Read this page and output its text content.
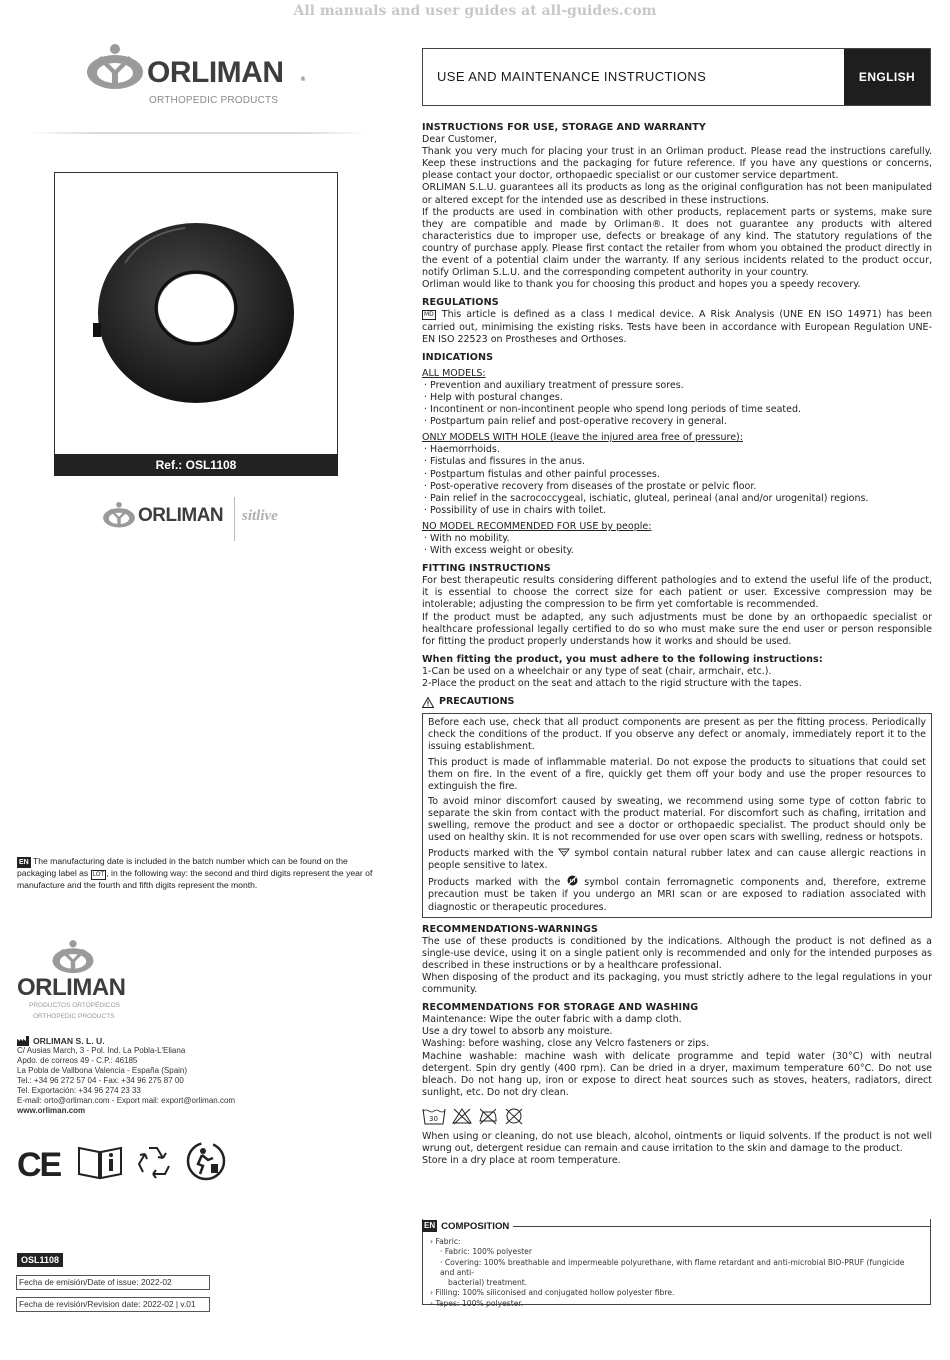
All manuals and user guides at all-guides.com
ORLIMAN	®
ORTHOPEDIC PRODUCTS
Ref.: OSL1108
ORLIMAN sitlive
EN The manufacturing date is included in the batch number which can be found on the packaging label as LOT , in the following way: the second and third digits represent the year of manufacture and the fourth and fifth digits represent the month.
ORLIMAN
PRODUCTOS ORTOPÉDICOS
ORTHOPEDIC PRODUCTS
ORLIMAN S. L. U.
C/ Ausias March, 3 - Pol. Ind. La Pobla-L'Eliana
Apdo. de correos 49 - C.P.: 46185
La Pobla de Vallbona Valencia - España (Spain)
Tel.: +34 96 272 57 04 - Fax: +34 96 275 87 00
Tel. Exportación: +34 96 274 23 33
E-mail: orto@orliman.com - Export mail: export@orliman.com
www.orliman.com
CE
OSL1108
Fecha de emisión/Date of issue: 2022-02
Fecha de revisión/Revision date: 2022-02 | v.01
USE AND MAINTENANCE INSTRUCTIONS	ENGLISH
INSTRUCTIONS FOR USE, STORAGE AND WARRANTY

Dear Customer,

Thank you very much for placing your trust in an Orliman product. Please read the instructions carefully. Keep these instructions and the packaging for future reference. If you have any questions or concerns, please contact your doctor, orthopaedic specialist or our customer service department.

ORLIMAN S.L.U. guarantees all its products as long as the original configuration has not been manipulated or altered except for the intended use as described in these instructions.

If the products are used in combination with other products, replacement parts or systems, make sure they are compatible and made by Orliman®. It does not guarantee any products with altered characteristics due to improper use, defects or breakage of any kind. The statutory regulations of the country of purchase apply. Please first contact the retailer from whom you obtained the product directly in the event of a potential claim under the warranty. If any serious incidents related to the product occur, notify Orliman S.L.U. and the corresponding competent authority in your country.

Orliman would like to thank you for choosing this product and hopes you a speedy recovery.

REGULATIONS

MD This article is defined as a class I medical device. A Risk Analysis (UNE EN ISO 14971) has been carried out, minimising the existing risks. Tests have been in accordance with European Regulation UNE-EN ISO 22523 on Prostheses and Orthoses.

INDICATIONS
ALL MODELS:
· Prevention and auxiliary treatment of pressure sores.
· Help with postural changes.
· Incontinent or non-incontinent people who spend long periods of time seated.
· Postpartum pain relief and post-operative recovery in general.
ONLY MODELS WITH HOLE (leave the injured area free of pressure):
· Haemorrhoids.
· Fistulas and fissures in the anus.
· Postpartum fistulas and other painful processes.
· Post-operative recovery from diseases of the prostate or pelvic floor.
· Pain relief in the sacrococcygeal, ischiatic, gluteal, perineal (anal and/or urogenital) regions.
· Possibility of use in chairs with toilet.
NO MODEL RECOMMENDED FOR USE by people:
· With no mobility.
· With excess weight or obesity.
FITTING INSTRUCTIONS

For best therapeutic results considering different pathologies and to extend the useful life of the product, it is essential to choose the correct size for each patient or user. Excessive compression may be intolerable; adjusting the compression to be firm yet comfortable is recommended.

If the product must be adapted, any such adjustments must be done by an orthopaedic specialist or healthcare professional legally certified to do so who must make sure the end user or person responsible for fitting the product properly understands how it works and should be used.

When fitting the product, you must adhere to the following instructions:
1-Can be used on a wheelchair or any type of seat (chair, armchair, etc.).
2-Place the product on the seat and attach to the rigid structure with the tapes.
PRECAUTIONS

Before each use, check that all product components are present as per the fitting process. Periodically check the conditions of the product. If you observe any defect or anomaly, immediately report it to the issuing establishment.

This product is made of inflammable material. Do not expose the products to situations that could set them on fire. In the event of a fire, quickly get them off your body and use the proper resources to extinguish the fire.

To avoid minor discomfort caused by sweating, we recommend using some type of cotton fabric to separate the skin from contact with the product material. For discomfort such as chafing, irritation and swelling, remove the product and see a doctor or orthopaedic specialist. The product should only be used on healthy skin. It is not recommended for use over open scars with swelling, redness or hotspots.

Products marked with the symbol contain natural rubber latex and can cause allergic reactions in people sensitive to latex.

Products marked with the	symbol contain ferromagnetic components and, therefore, extreme precaution must be taken if you undergo an MRI scan or are exposed to radiation associated with diagnostic or therapeutic procedures.

RECOMMENDATIONS-WARNINGS

The use of these products is conditioned by the indications. Although the product is not defined as a single-use device, using it on a single patient only is recommended and only for the intended purposes as described in these instructions or by a healthcare professional.

When disposing of the product and its packaging, you must strictly adhere to the legal regulations in your community.

RECOMMENDATIONS FOR STORAGE AND WASHING
Maintenance: Wipe the outer fabric with a damp cloth.
Use a dry towel to absorb any moisture.
Washing: before washing, close any Velcro fasteners or zips.

Machine washable: machine wash with delicate programme and tepid water (30°C) with neutral detergent. Spin dry gently (400 rpm). Can be dried in a dryer, maximum temperature 60°C. Do not use bleach. Do not hang up, iron or expose to direct heat sources such as stoves, heaters, radiators, direct sunlight, etc. Do not dry clean.

30

When using or cleaning, do not use bleach, alcohol, ointments or liquid solvents. If the product is not well wrung out, detergent residue can remain and cause irritation to the skin and damage to the product.

Store in a dry place at room temperature.

EN COMPOSITION
› Fabric:
· Fabric: 100% polyester
· Covering: 100% breathable and impermeable polyurethane, with flame retardant and anti-microbial BIO-PRUF (fungicide and anti-
bacterial) treatment.
› Filling: 100% siliconised and conjugated hollow polyester fibre.
› Tapes: 100% polyester.
